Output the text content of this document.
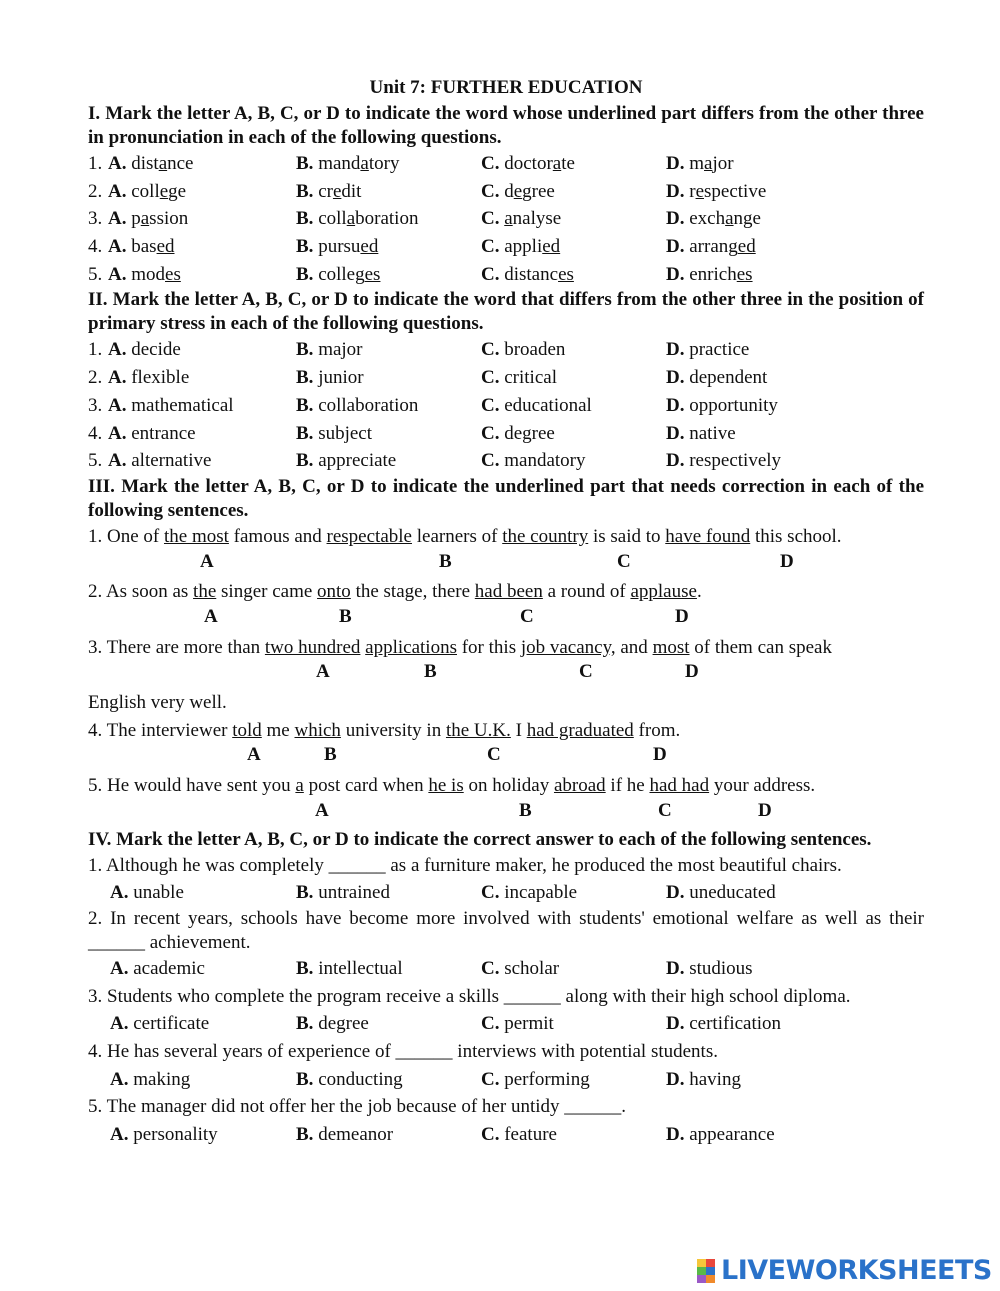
Unit 7: FURTHER EDUCATION
I. Mark the letter A, B, C, or D to indicate the word whose underlined part differs from the other three in pronunciation in each of the following questions.
1. A. distance	B. mandatory	C. doctorate	D. major
2. A. college	B. credit	C. degree	D. respective
3. A. passion	B. collaboration	C. analyse	D. exchange
4. A. based	B. pursued	C. applied	D. arranged
5. A. modes	B. colleges	C. distances	D. enriches
II. Mark the letter A, B, C, or D to indicate the word that differs from the other three in the position of primary stress in each of the following questions.
1. A. decide	B. major	C. broaden	D. practice
2. A. flexible	B. junior	C. critical	D. dependent
3. A. mathematical	B. collaboration	C. educational	D. opportunity
4. A. entrance	B. subject	C. degree	D. native
5. A. alternative	B. appreciate	C. mandatory	D. respectively
III. Mark the letter A, B, C, or D to indicate the underlined part that needs correction in each of the following sentences.
1. One of the most famous and respectable learners of the country is said to have found this school.
A	B	C	D
2. As soon as the singer came onto the stage, there had been a round of applause.
A	B	C	D
3. There are more than two hundred applications for this job vacancy, and most of them can speak
A	B	C	D
English very well.
4. The interviewer told me which university in the U.K. I had graduated from.
A	B	C	D
5. He would have sent you a post card when he is on holiday abroad if he had had your address.
A	B	C	D
IV. Mark the letter A, B, C, or D to indicate the correct answer to each of the following sentences.
1. Although he was completely ______ as a furniture maker, he produced the most beautiful chairs.
A. unable	B. untrained	C. incapable	D. uneducated
2. In recent years, schools have become more involved with students' emotional welfare as well as their ______ achievement.
A. academic	B. intellectual	C. scholar	D. studious
3. Students who complete the program receive a skills ______ along with their high school diploma.
A. certificate	B. degree	C. permit	D. certification
4. He has several years of experience of ______ interviews with potential students.
A. making	B. conducting	C. performing	D. having
5. The manager did not offer her the job because of her untidy ______.
A. personality	B. demeanor	C. feature	D. appearance
LIVEWORKSHEETS
